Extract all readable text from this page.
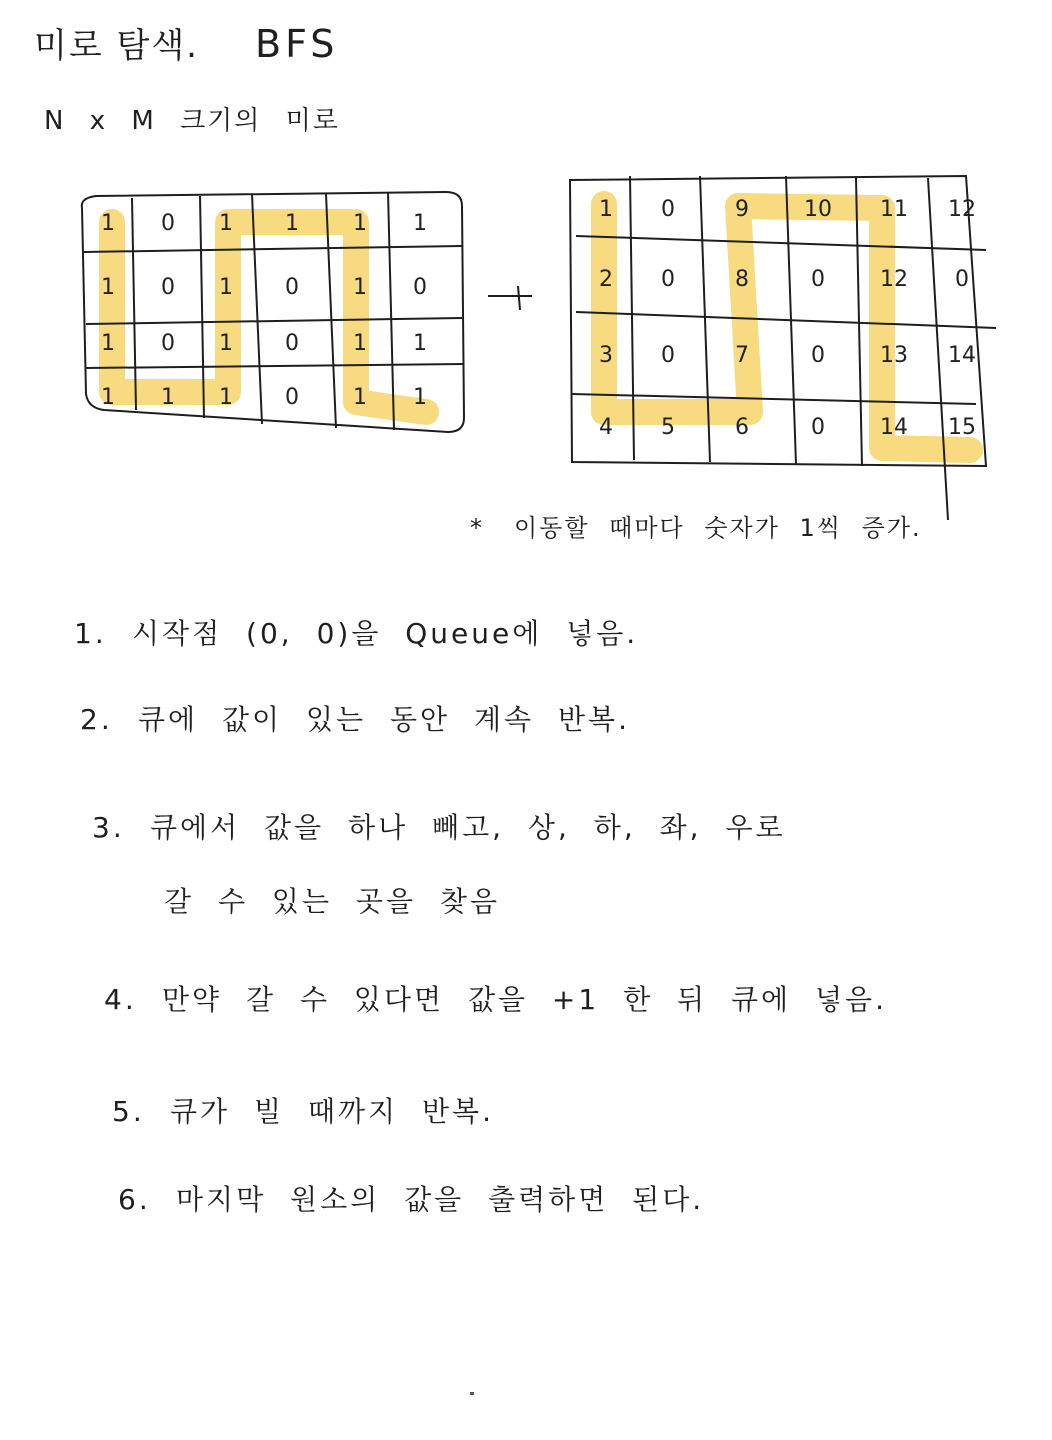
미로 탐색. BFS
N x M 크기의 미로
1 0 1 1 1 1
1 0 1 0 1 0
1 0 1 0 1 1
1 1 1 0 1 1
1 0	9	10 11 12
2 0	8	0	12 0
3 0	7	0	13 14
4 5	6	0	14 15
* 이동할 때마다 숫자가 1씩 증가.
1. 시작점 (0, 0)을 Queue에 넣음.
2. 큐에 값이 있는 동안 계속 반복.
3. 큐에서 값을 하나 빼고, 상, 하, 좌, 우로
갈 수 있는 곳을 찾음
4. 만약 갈 수 있다면 값을 +1 한 뒤 큐에 넣음.
5. 큐가 빌 때까지 반복.
6. 마지막 원소의 값을 출력하면 된다.
